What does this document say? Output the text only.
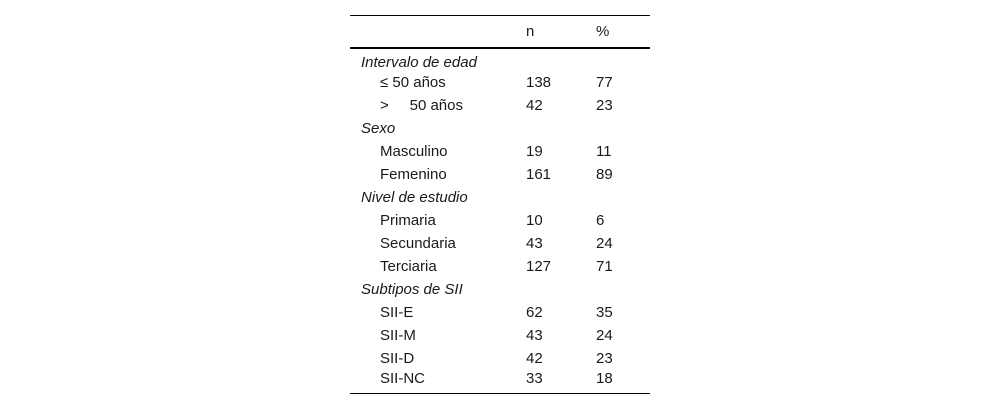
	n	%
Intervalo de edad		
≤ 50 años	138	77
>     50 años	42	23
Sexo		
Masculino	19	11
Femenino	161	89
Nivel de estudio		
Primaria	10	6
Secundaria	43	24
Terciaria	127	71
Subtipos de SII		
SII-E	62	35
SII-M	43	24
SII-D	42	23
SII-NC	33	18
